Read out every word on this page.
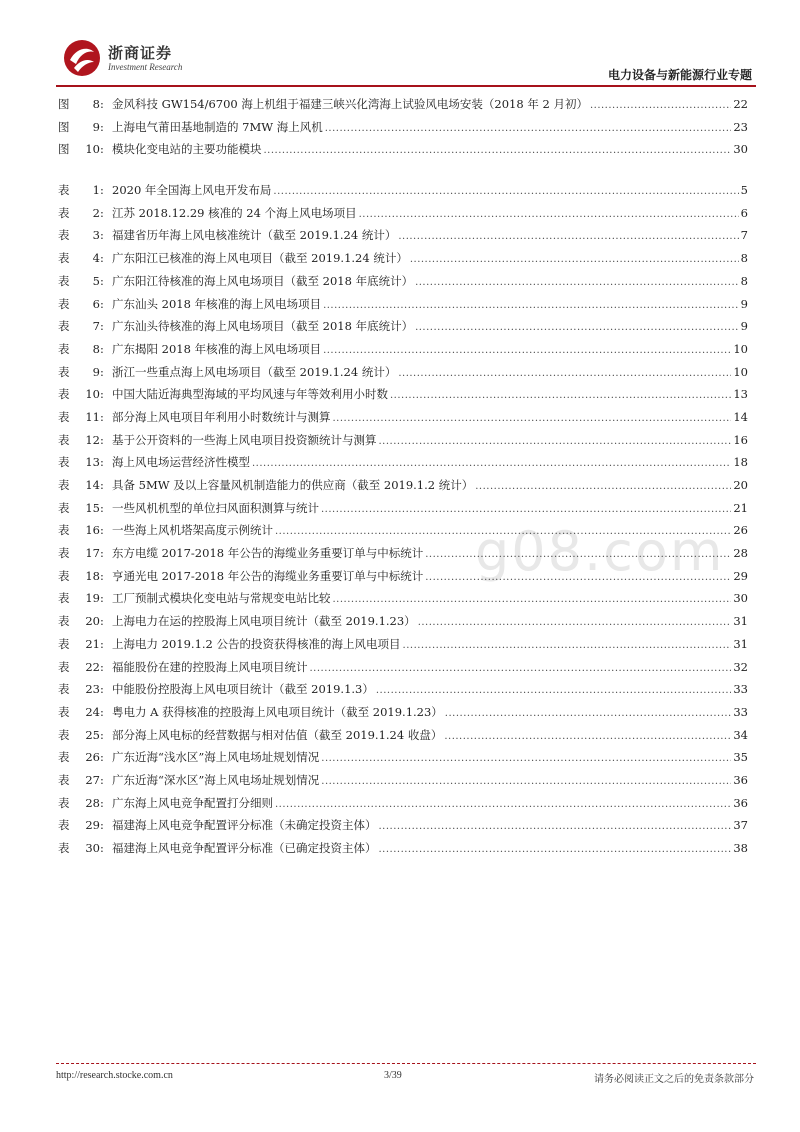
浙商证券
Investment Research
电力设备与新能源行业专题
g08.com
图	8 : 金风科技 GW154/6700 海上机组于福建三峡兴化湾海上试验风电场安装（2018 年 2 月初） .....	22
图	9 : 上海电气莆田基地制造的 7MW 海上风机 .....	23
图	10 : 模块化变电站的主要功能模块 .....	30
表	1 : 2020 年全国海上风电开发布局 .....	5
表	2 : 江苏 2018.12.29 核准的 24 个海上风电场项目 .....	6
表	3 : 福建省历年海上风电核准统计（截至 2019.1.24 统计） .....	7
表	4 : 广东阳江已核准的海上风电项目（截至 2019.1.24 统计） .....	8
表	5 : 广东阳江待核准的海上风电场项目（截至 2018 年底统计） .....	8
表	6 : 广东汕头 2018 年核准的海上风电场项目 .....	9
表	7 : 广东汕头待核准的海上风电场项目（截至 2018 年底统计） .....	9
表	8 : 广东揭阳 2018 年核准的海上风电场项目 .....	10
表	9 : 浙江一些重点海上风电场项目（截至 2019.1.24 统计） .....	10
表	10 : 中国大陆近海典型海域的平均风速与年等效利用小时数 .....	13
表	11 : 部分海上风电项目年利用小时数统计与测算 .....	14
表	12 : 基于公开资料的一些海上风电项目投资额统计与测算 .....	16
表	13 : 海上风电场运营经济性模型 .....	18
表	14 : 具备 5MW 及以上容量风机制造能力的供应商（截至 2019.1.2 统计） .....	20
表	15 : 一些风机机型的单位扫风面积测算与统计 .....	21
表	16 : 一些海上风机塔架高度示例统计 .....	26
表	17 : 东方电缆 2017-2018 年公告的海缆业务重要订单与中标统计 .....	28
表	18 : 亨通光电 2017-2018 年公告的海缆业务重要订单与中标统计 .....	29
表	19 : 工厂预制式模块化变电站与常规变电站比较 .....	30
表	20 : 上海电力在运的控股海上风电项目统计（截至 2019.1.23） .....	31
表	21 : 上海电力 2019.1.2 公告的投资获得核准的海上风电项目 .....	31
表	22 : 福能股份在建的控股海上风电项目统计 .....	32
表	23 : 中能股份控股海上风电项目统计（截至 2019.1.3） .....	33
表	24 : 粤电力 A 获得核准的控股海上风电项目统计（截至 2019.1.23） .....	33
表	25 : 部分海上风电标的经营数据与相对估值（截至 2019.1.24 收盘） .....	34
表	26 : 广东近海“浅水区”海上风电场址规划情况 .....	35
表	27 : 广东近海“深水区”海上风电场址规划情况 .....	36
表	28 : 广东海上风电竞争配置打分细则 .....	36
表	29 : 福建海上风电竞争配置评分标准（未确定投资主体） .....	37
表	30 : 福建海上风电竞争配置评分标准（已确定投资主体） .....	38
http://research.stocke.com.cn	3/39	请务必阅读正文之后的免责条款部分
